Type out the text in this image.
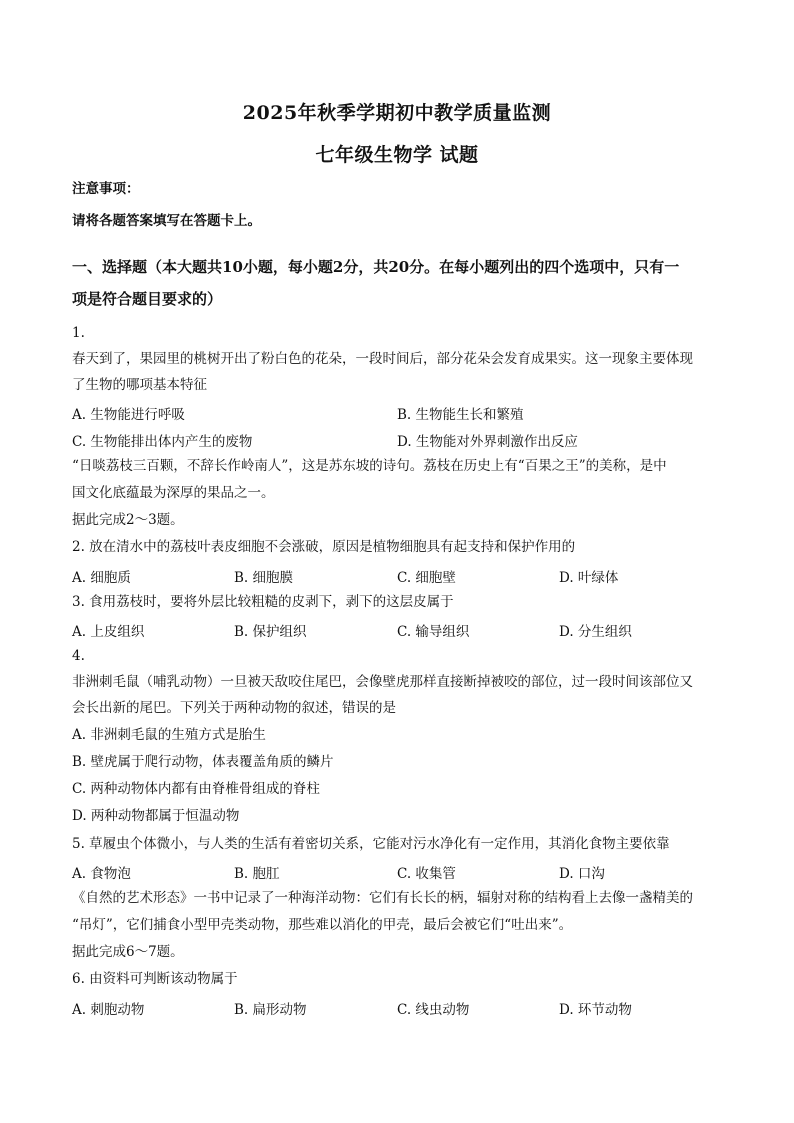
2025年秋季学期初中教学质量监测
七年级生物学 试题
注意事项：
请将各题答案填写在答题卡上。
一、选择题（本大题共10小题，每小题2分，共20分。在每小题列出的四个选项中，只有一
项是符合题目要求的）
1.
春天到了，果园里的桃树开出了粉白色的花朵，一段时间后，部分花朵会发育成果实。这一现象主要体现
了生物的哪项基本特征
A. 生物能进行呼吸	B. 生物能生长和繁殖
C. 生物能排出体内产生的废物	D. 生物能对外界刺激作出反应
“日啖荔枝三百颗，不辞长作岭南人”，这是苏东坡的诗句。荔枝在历史上有“百果之王”的美称，是中
国文化底蕴最为深厚的果品之一。
据此完成2～3题。
2. 放在清水中的荔枝叶表皮细胞不会涨破，原因是植物细胞具有起支持和保护作用的
A. 细胞质	B. 细胞膜	C. 细胞壁	D. 叶绿体
3. 食用荔枝时，要将外层比较粗糙的皮剥下，剥下的这层皮属于
A. 上皮组织	B. 保护组织	C. 输导组织	D. 分生组织
4.
非洲刺毛鼠（哺乳动物）一旦被天敌咬住尾巴，会像壁虎那样直接断掉被咬的部位，过一段时间该部位又
会长出新的尾巴。下列关于两种动物的叙述，错误的是
A. 非洲刺毛鼠的生殖方式是胎生
B. 壁虎属于爬行动物，体表覆盖角质的鳞片
C. 两种动物体内都有由脊椎骨组成的脊柱
D. 两种动物都属于恒温动物
5. 草履虫个体微小，与人类的生活有着密切关系，它能对污水净化有一定作用，其消化食物主要依靠
A. 食物泡	B. 胞肛	C. 收集管	D. 口沟
《自然的艺术形态》一书中记录了一种海洋动物：它们有长长的柄，辐射对称的结构看上去像一盏精美的
“吊灯”，它们捕食小型甲壳类动物，那些难以消化的甲壳，最后会被它们“吐出来”。
据此完成6～7题。
6. 由资料可判断该动物属于
A. 刺胞动物	B. 扁形动物	C. 线虫动物	D. 环节动物
